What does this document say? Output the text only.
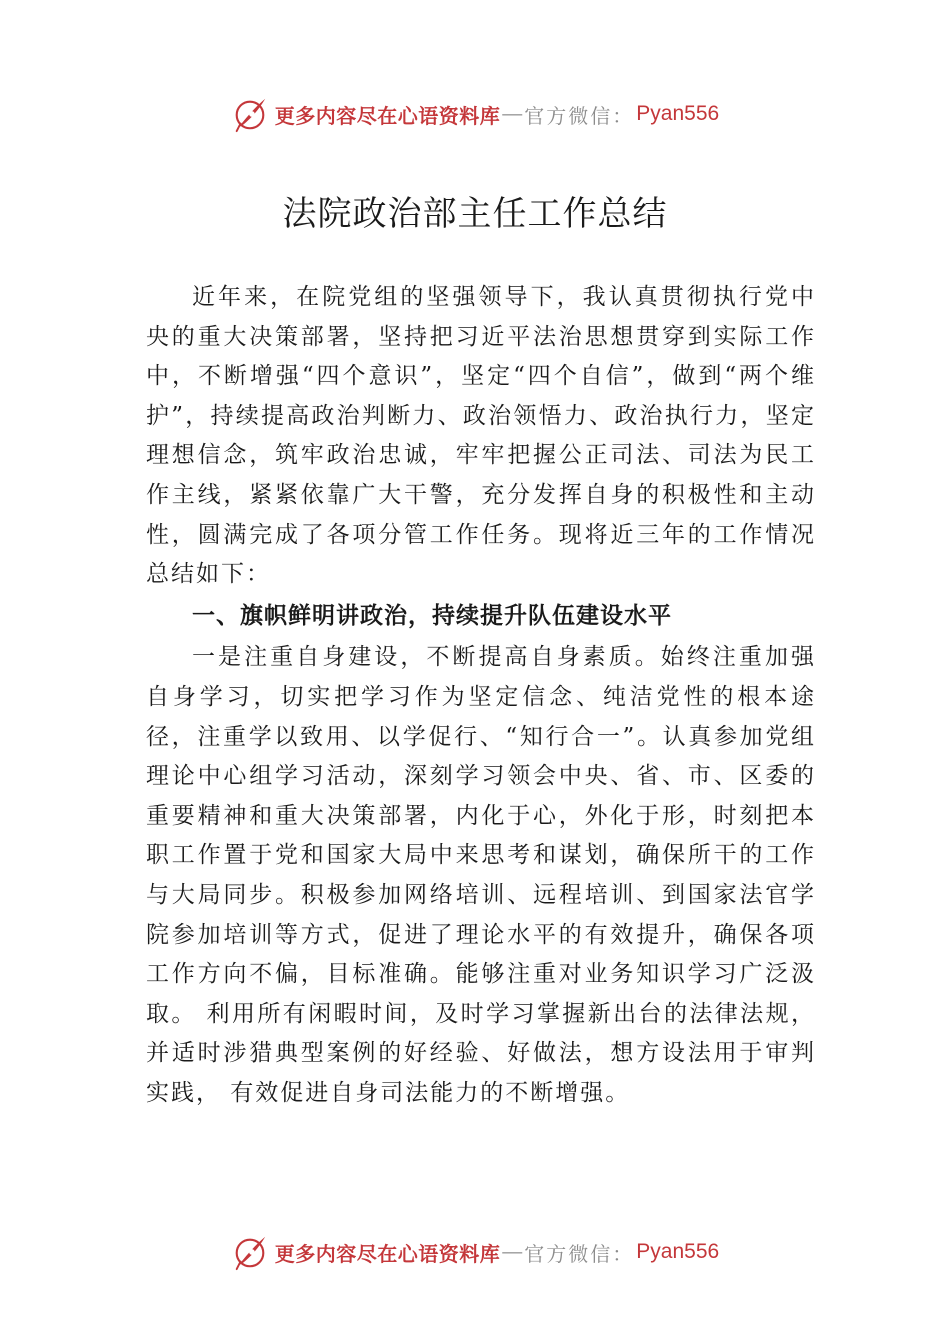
更多内容尽在心语资料库 — 官方微信： Pyan556
法院政治部主任工作总结

近年来，在院党组的坚强领导下，我认真贯彻执行党中央的重大决策部署，坚持把习近平法治思想贯穿到实际工作中，不断增强“四个意识”，坚定“四个自信”，做到“两个维护”，持续提高政治判断力、政治领悟力、政治执行力，坚定理想信念，筑牢政治忠诚，牢牢把握公正司法、司法为民工作主线，紧紧依靠广大干警，充分发挥自身的积极性和主动性，圆满完成了各项分管工作任务。现将近三年的工作情况总结如下：

一、旗帜鲜明讲政治，持续提升队伍建设水平

一是注重自身建设，不断提高自身素质。始终注重加强自身学习，切实把学习作为坚定信念、纯洁党性的根本途径，注重学以致用、以学促行、“知行合一”。认真参加党组理论中心组学习活动，深刻学习领会中央、省、市、区委的重要精神和重大决策部署，内化于心，外化于形，时刻把本职工作置于党和国家大局中来思考和谋划，确保所干的工作与大局同步。积极参加网络培训、远程培训、到国家法官学院参加培训等方式，促进了理论水平的有效提升，确保各项工作方向不偏，目标准确。能够注重对业务知识学习广泛汲取。 利用所有闲暇时间，及时学习掌握新出台的法律法规，并适时涉猎典型案例的好经验、好做法，想方设法用于审判实践， 有效促进自身司法能力的不断增强。

更多内容尽在心语资料库 — 官方微信： Pyan556
